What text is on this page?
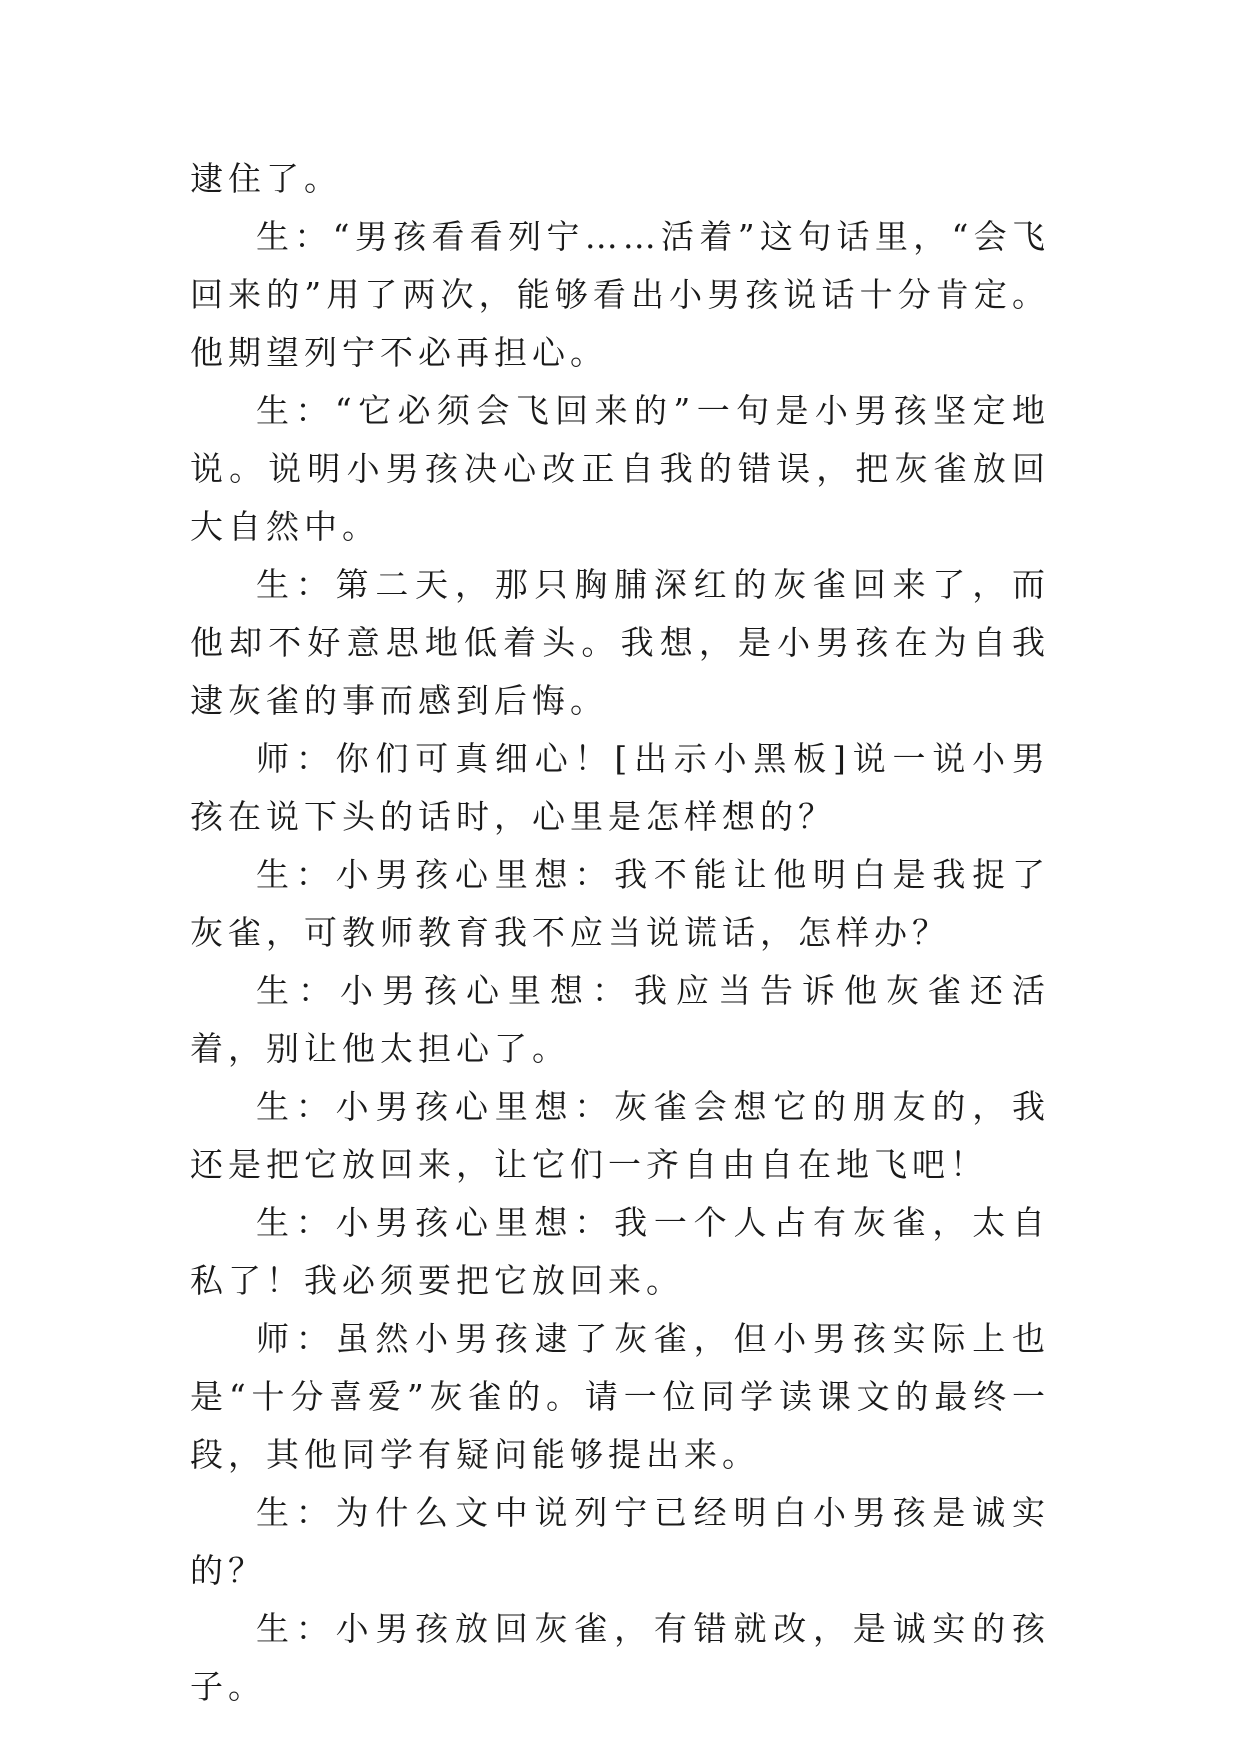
逮住了。

生：“男孩看看列宁……活着”这句话里，“会飞回来的”用了两次，能够看出小男孩说话十分肯定。他期望列宁不必再担心。

生：“它必须会飞回来的”一句是小男孩坚定地说。说明小男孩决心改正自我的错误，把灰雀放回大自然中。

生：第二天，那只胸脯深红的灰雀回来了，而他却不好意思地低着头。我想，是小男孩在为自我逮灰雀的事而感到后悔。

师：你们可真细心！[出示小黑板]说一说小男孩在说下头的话时，心里是怎样想的？

生：小男孩心里想：我不能让他明白是我捉了灰雀，可教师教育我不应当说谎话，怎样办？

生：小男孩心里想：我应当告诉他灰雀还活着，别让他太担心了。

生：小男孩心里想：灰雀会想它的朋友的，我还是把它放回来，让它们一齐自由自在地飞吧！

生：小男孩心里想：我一个人占有灰雀，太自私了！我必须要把它放回来。

师：虽然小男孩逮了灰雀，但小男孩实际上也是“十分喜爱”灰雀的。请一位同学读课文的最终一段，其他同学有疑问能够提出来。

生：为什么文中说列宁已经明白小男孩是诚实的？

生：小男孩放回灰雀，有错就改，是诚实的孩子。
